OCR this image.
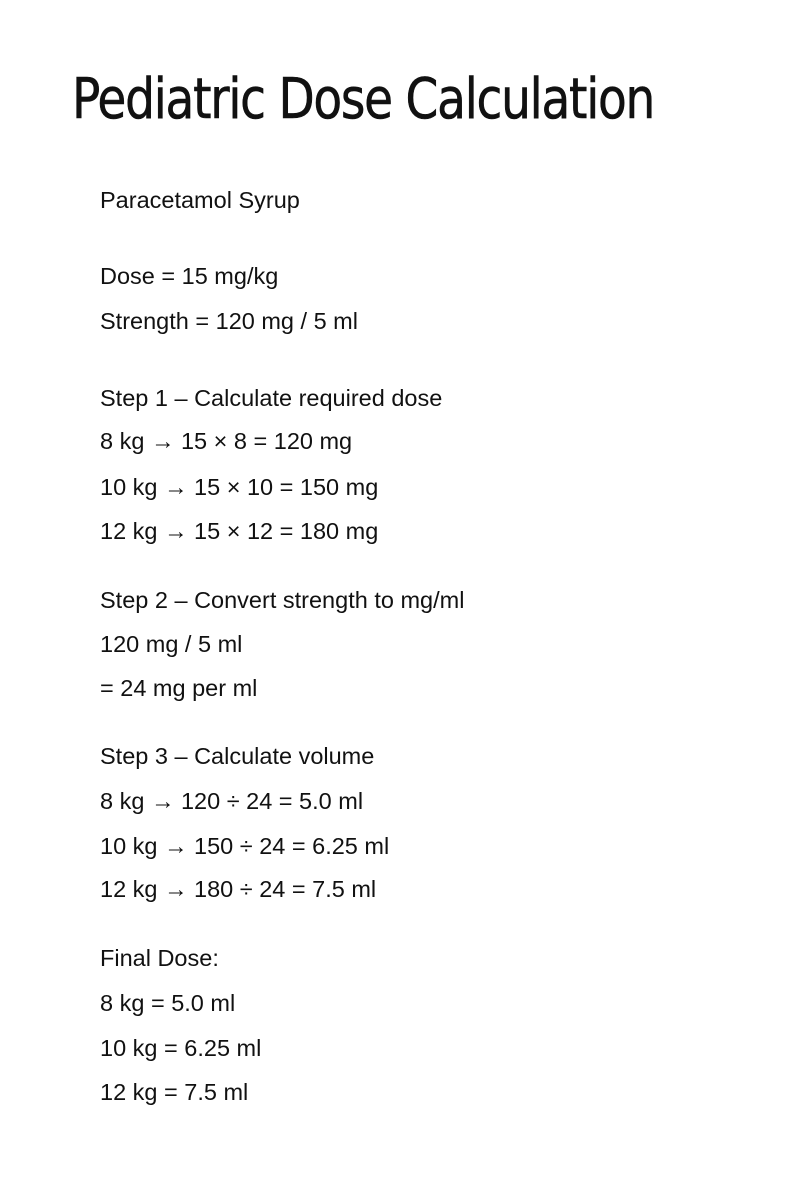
Pediatric Dose Calculation

Paracetamol Syrup

Dose = 15 mg/kg

Strength = 120 mg / 5 ml

Step 1 – Calculate required dose

8 kg → 15 × 8 = 120 mg

10 kg → 15 × 10 = 150 mg

12 kg → 15 × 12 = 180 mg

Step 2 – Convert strength to mg/ml

120 mg / 5 ml

= 24 mg per ml

Step 3 – Calculate volume

8 kg → 120 ÷ 24 = 5.0 ml

10 kg → 150 ÷ 24 = 6.25 ml

12 kg → 180 ÷ 24 = 7.5 ml

Final Dose:

8 kg = 5.0 ml

10 kg = 6.25 ml

12 kg = 7.5 ml
